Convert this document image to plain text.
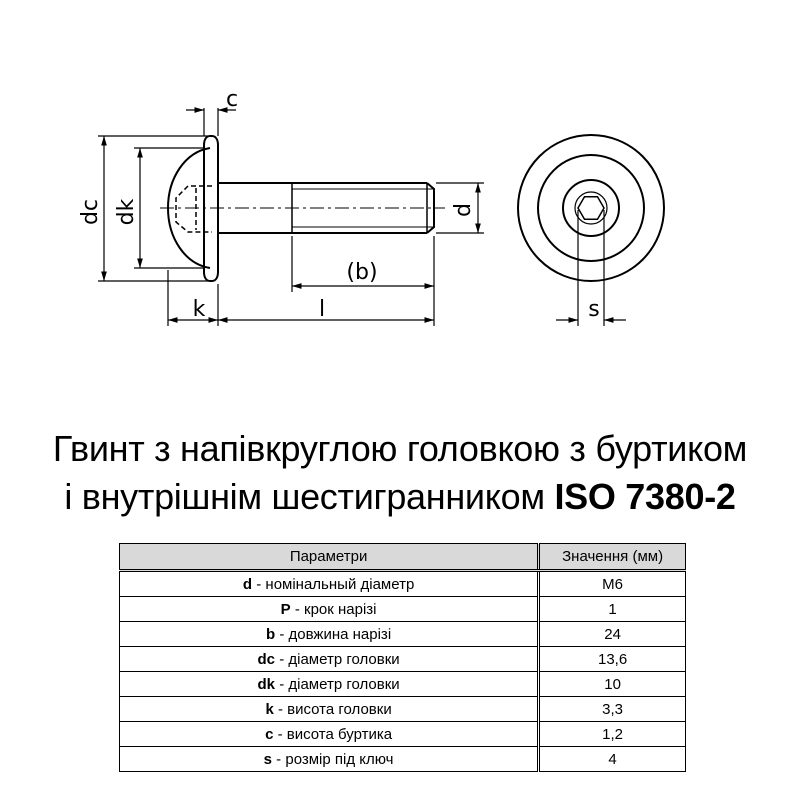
c
dc dk	d
(b)
k	l	s
Гвинт з напівкруглою головкою з буртиком
і внутрішнім шестигранником ISO 7380-2
Параметри	Значення (мм)
d - номінальный діаметр	M6
P - крок нарізі	1
b - довжина нарізі	24
dc - діаметр головки	13,6
dk - діаметр головки	10
k - висота головки	3,3
c - висота буртика	1,2
s - розмір під ключ	4
